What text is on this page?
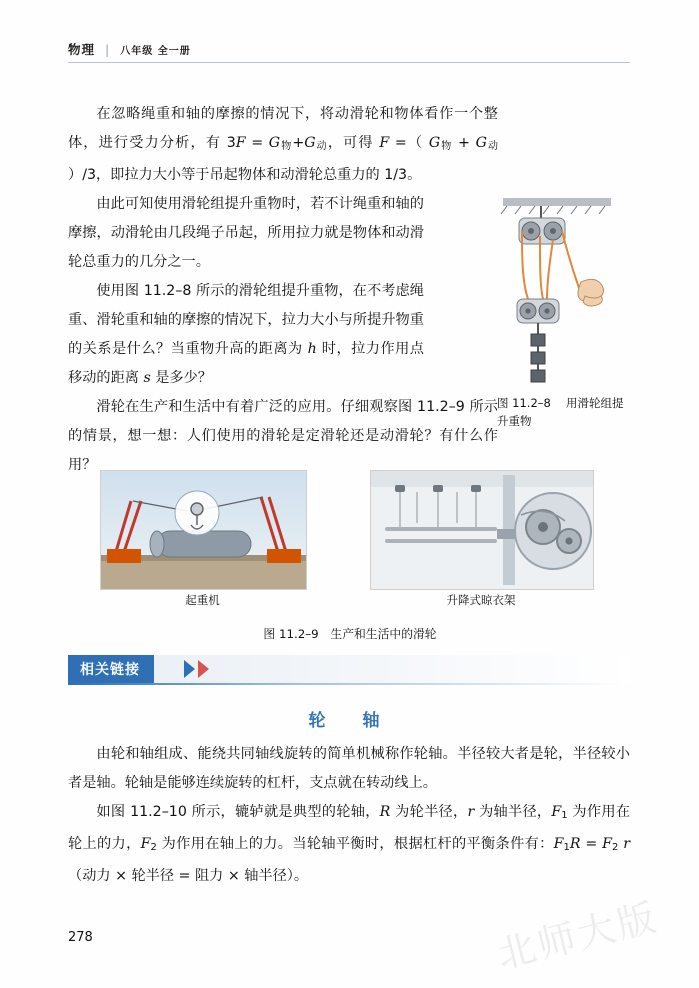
物理 | 八年级 全一册

在忽略绳重和轴的摩擦的情况下，将动滑轮和物体看作一个整体，进行受力分析，有 $3F = G_物+G_动$，可得 F =（ $G_物 + G_动$ ）/3，即拉力大小等于吊起物体和动滑轮总重力的 1/3。

由此可知使用滑轮组提升重物时，若不计绳重和轴的摩擦，动滑轮由几段绳子吊起，所用拉力就是物体和动滑轮总重力的几分之一。

使用图 11.2–8 所示的滑轮组提升重物，在不考虑绳重、滑轮重和轴的摩擦的情况下，拉力大小与所提升物重的关系是什么？当重物升高的距离为 h 时，拉力作用点移动的距离 s 是多少？

滑轮在生产和生活中有着广泛的应用。仔细观察图 11.2–9 所示的情景，想一想：人们使用的滑轮是定滑轮还是动滑轮？有什么作用？

图 11.2–8 　 用滑轮组提升重物
起重机	升降式晾衣架
图 11.2–9　生产和生活中的滑轮
相关链接
轮　轴

由轮和轴组成、能绕共同轴线旋转的简单机械称作轮轴。半径较大者是轮，半径较小者是轴。轮轴是能够连续旋转的杠杆，支点就在转动线上。

如图 11.2–10 所示，辘轳就是典型的轮轴，R 为轮半径，r 为轴半径，$F_1$ 为作用在轮上的力，$F_2$ 为作用在轴上的力。当轮轴平衡时，根据杠杆的平衡条件有：$F_1R = F_2$ r（动力 × 轮半径 = 阻力 × 轴半径）。

278	北师大版
